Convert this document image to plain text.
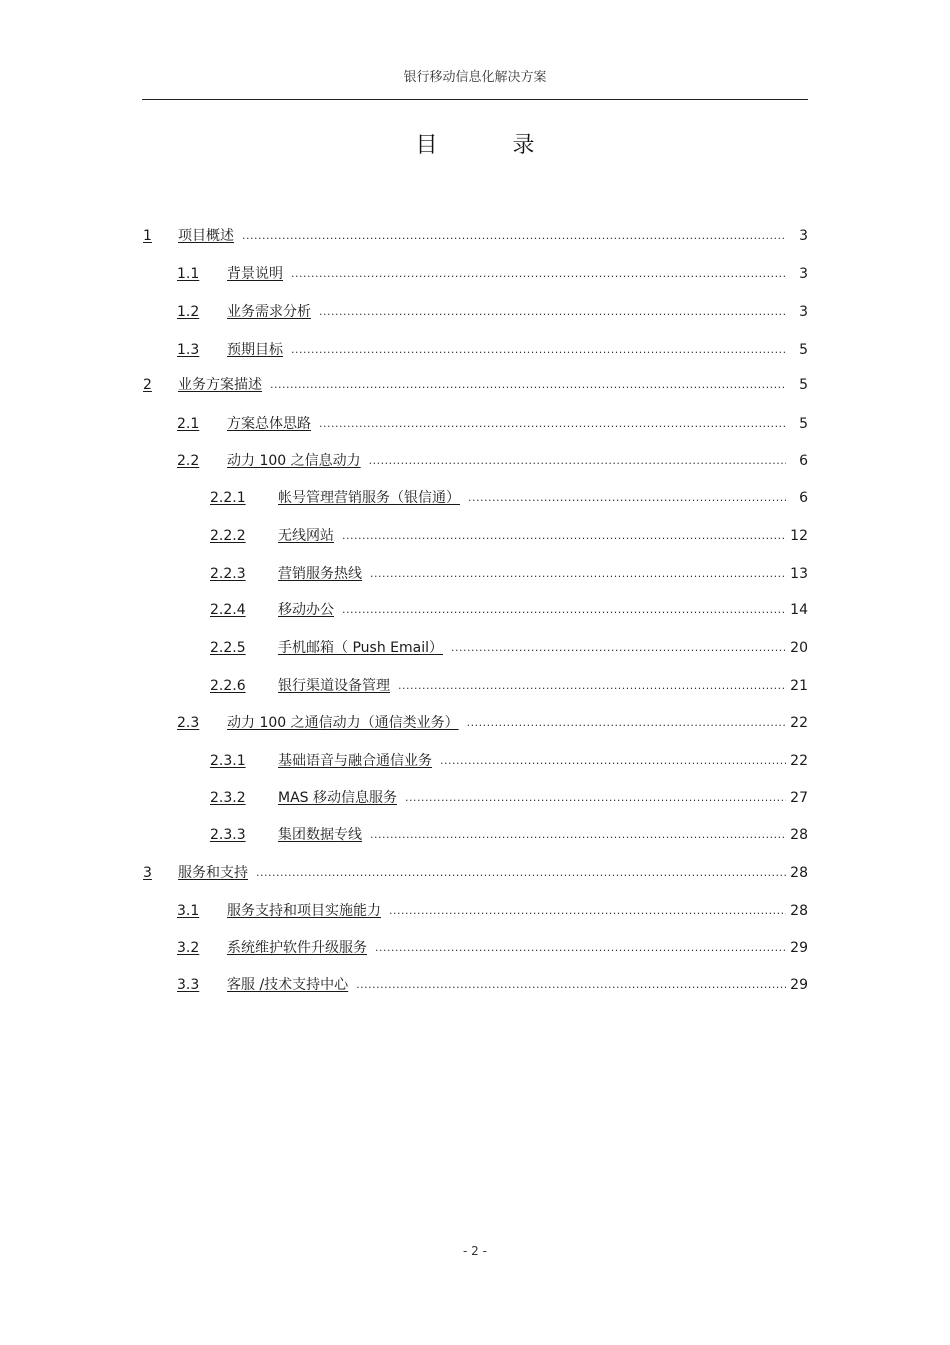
银行移动信息化解决方案
目 录
1	项目概述 .....	3
1.1	背景说明 .....	3
1.2	业务需求分析 .....	3
1.3	预期目标 .....	5
2	业务方案描述 .....	5
2.1	方案总体思路 .....	5
2.2	动力 100 之信息动力 .....	6
2.2.1	帐号管理营销服务（银信通） .....	6
2.2.2	无线网站 .....	12
2.2.3	营销服务热线 .....	13
2.2.4	移动办公 .....	14
2.2.5	手机邮箱（ Push Email） .....	20
2.2.6	银行渠道设备管理 .....	21
2.3	动力 100 之通信动力（通信类业务） .....	22
2.3.1	基础语音与融合通信业务 .....	22
2.3.2	MAS 移动信息服务 .....	27
2.3.3	集团数据专线 .....	28
3	服务和支持 .....	28
3.1	服务支持和项目实施能力 .....	28
3.2	系统维护软件升级服务 .....	29
3.3	客服 /技术支持中心 .....	29
- 2 -
